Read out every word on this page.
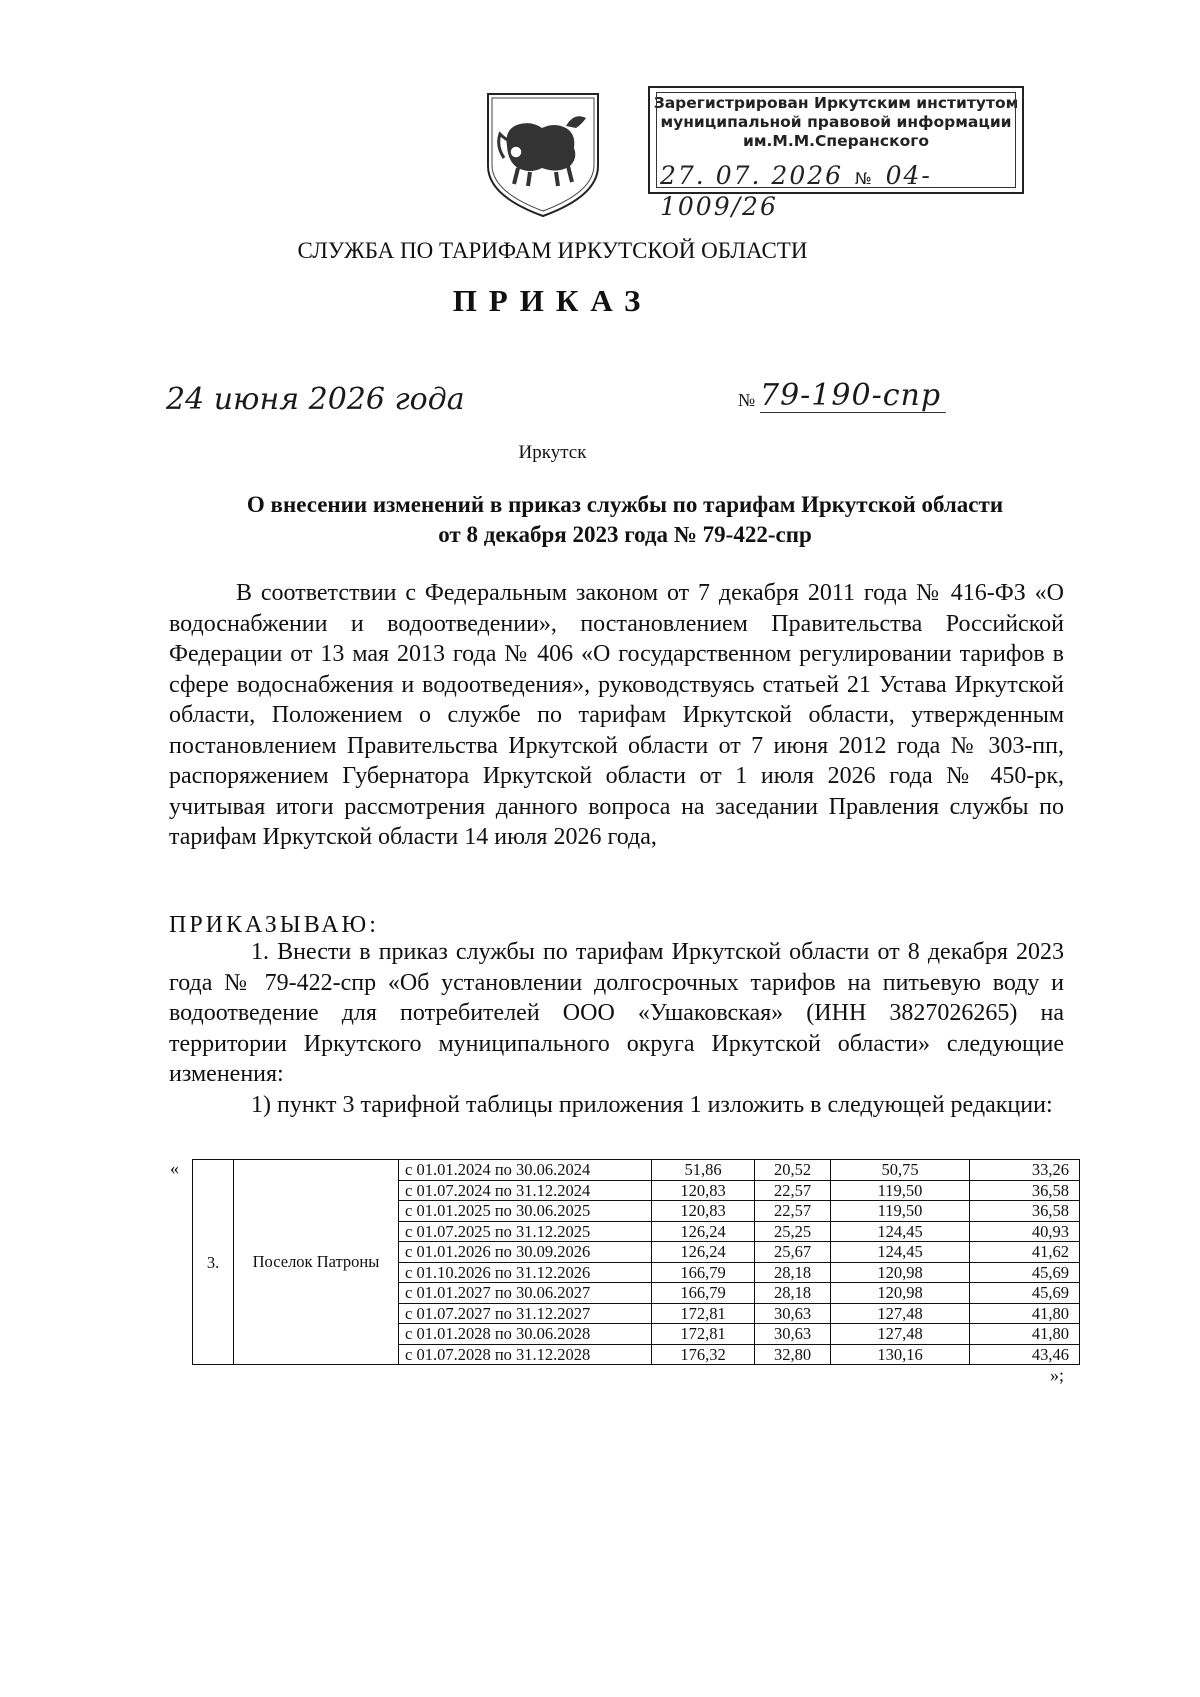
Зарегистрирован Иркутским институтом
муниципальной правовой информации
им.М.М.Сперанского
27. 07. 2026 № 04-1009/26
СЛУЖБА ПО ТАРИФАМ ИРКУТСКОЙ ОБЛАСТИ
ПРИКАЗ
24 июня 2026 года	№ 79-190-спр
Иркутск
О внесении изменений в приказ службы по тарифам Иркутской области
от 8 декабря 2023 года № 79-422-спр
В соответствии с Федеральным законом от 7 декабря 2011 года № 416-ФЗ «О водоснабжении и водоотведении», постановлением Правительства Российской Федерации от 13 мая 2013 года № 406 «О государственном регулировании тарифов в сфере водоснабжения и водоотведения», руководствуясь статьей 21 Устава Иркутской области, Положением о службе по тарифам Иркутской области, утвержденным постановлением Правительства Иркутской области от 7 июня 2012 года № 303-пп, распоряжением Губернатора Иркутской области от 1 июля 2026 года № 450-рк, учитывая итоги рассмотрения данного вопроса на заседании Правления службы по тарифам Иркутской области 14 июля 2026 года,
ПРИКАЗЫВАЮ:
1. Внести в приказ службы по тарифам Иркутской области от 8 декабря 2023 года № 79-422-спр «Об установлении долгосрочных тарифов на питьевую воду и водоотведение для потребителей ООО «Ушаковская» (ИНН 3827026265) на территории Иркутского муниципального округа Иркутской области» следующие изменения:
1) пункт 3 тарифной таблицы приложения 1 изложить в следующей редакции:
«
3.	Поселок Патроны	с 01.01.2024 по 30.06.2024	51,86	20,52	50,75	33,26
		с 01.07.2024 по 31.12.2024	120,83	22,57	119,50	36,58
		с 01.01.2025 по 30.06.2025	120,83	22,57	119,50	36,58
		с 01.07.2025 по 31.12.2025	126,24	25,25	124,45	40,93
		с 01.01.2026 по 30.09.2026	126,24	25,67	124,45	41,62
		с 01.10.2026 по 31.12.2026	166,79	28,18	120,98	45,69
		с 01.01.2027 по 30.06.2027	166,79	28,18	120,98	45,69
		с 01.07.2027 по 31.12.2027	172,81	30,63	127,48	41,80
		с 01.01.2028 по 30.06.2028	172,81	30,63	127,48	41,80
		с 01.07.2028 по 31.12.2028	176,32	32,80	130,16	43,46
»;
